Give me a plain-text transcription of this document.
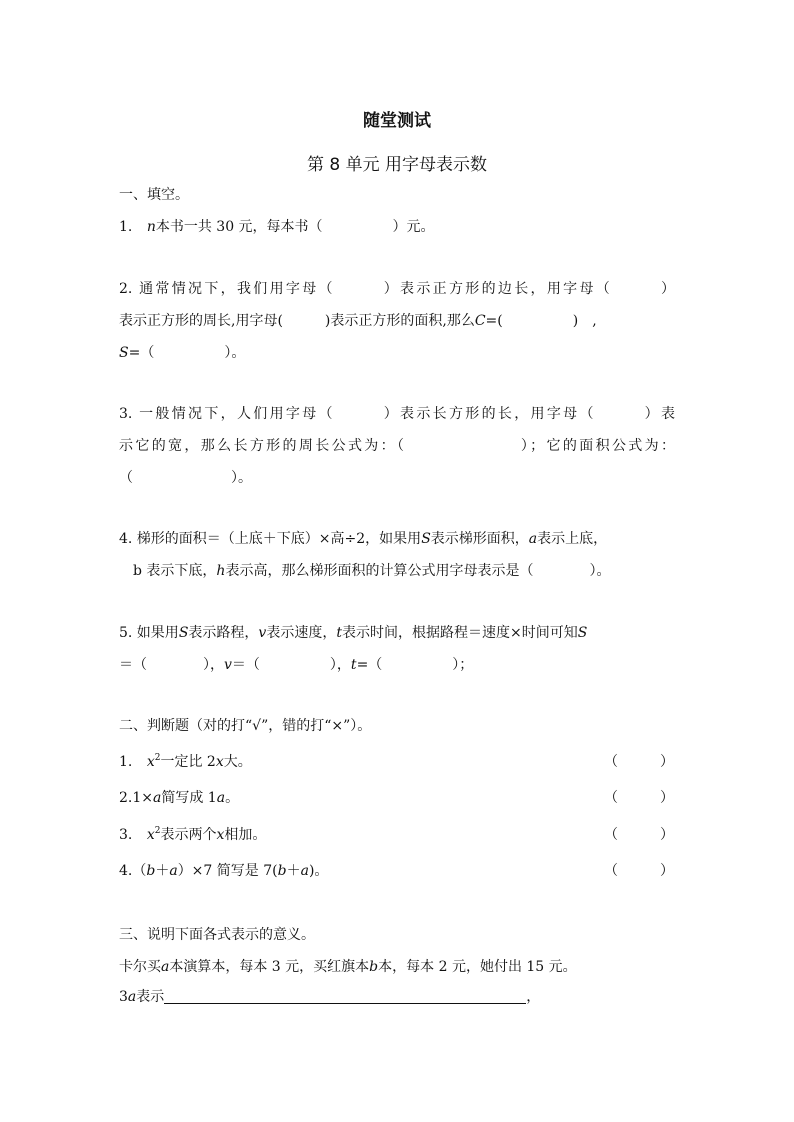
随堂测试
第 8 单元 用字母表示数
一、填空。
1. n本书一共 30 元，每本书（　　　　　）元。
2. 通常情况下，我们用字母（　　　）表示正方形的边长，用字母（　　　）
表示正方形的周长,用字母(　　　)表示正方形的面积,那么C=(　　　　　)　,
S=（　　　　　）。
3. 一般情况下，人们用字母（　　　）表示长方形的长，用字母（　　　）表
示它的宽，那么长方形的周长公式为：（　　　　　　　）；它的面积公式为：
（　　　　　　　）。
4. 梯形的面积＝（上底＋下底）×高÷2，如果用S表示梯形面积，a表示上底，
b 表示下底，h表示高，那么梯形面积的计算公式用字母表示是（　　　　）。
5. 如果用S表示路程，v表示速度，t表示时间，根据路程＝速度×时间可知S
＝（　　　　），v＝（　　　　　），t=（　　　　　）；
二、判断题（对的打“√”，错的打“×”）。
1. $x^2$一定比 2x大。	（　　　）
2.1×a简写成 1a。	（　　　）
3. $x^2$表示两个x相加。	（　　　）
4.（b＋a）×7 简写是 7(b＋a)。	（　　　）
三、说明下面各式表示的意义。
卡尔买a本演算本，每本 3 元，买红旗本b本，每本 2 元，她付出 15 元。
3a表示	，
